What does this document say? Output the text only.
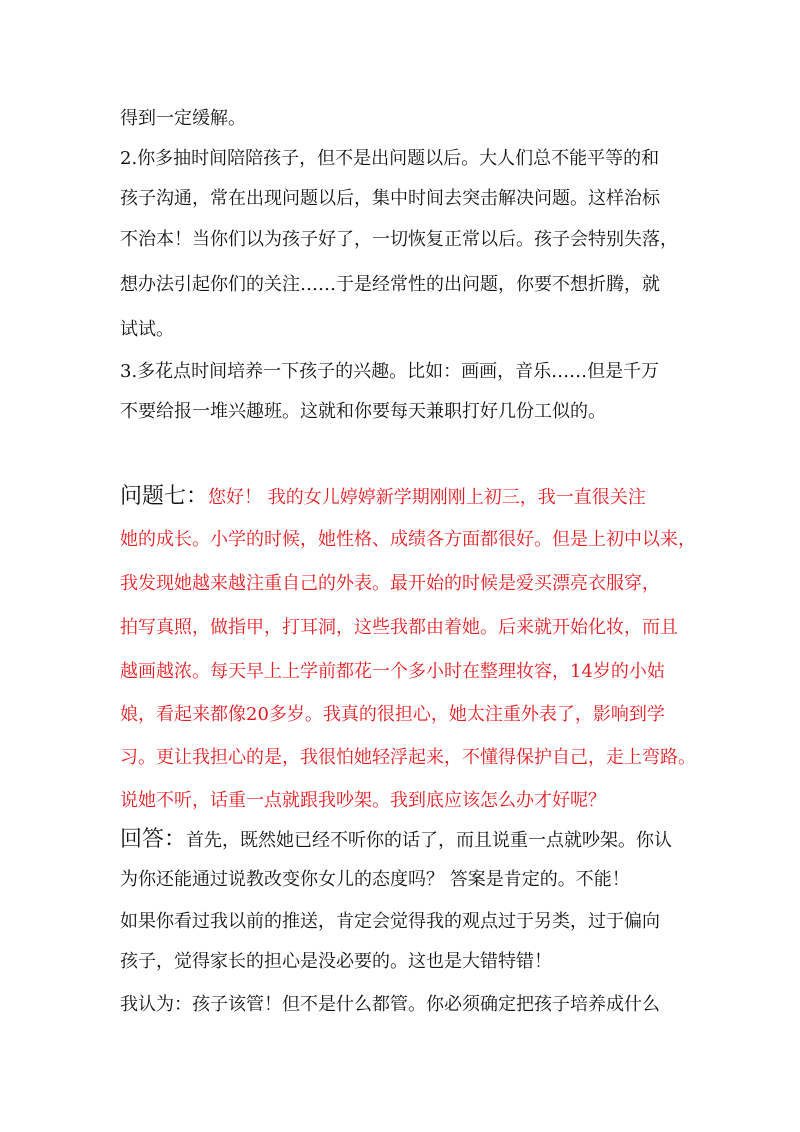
得到一定缓解。
2.你多抽时间陪陪孩子，但不是出问题以后。大人们总不能平等的和
孩子沟通，常在出现问题以后，集中时间去突击解决问题。这样治标
不治本！当你们以为孩子好了，一切恢复正常以后。孩子会特别失落，
想办法引起你们的关注……于是经常性的出问题，你要不想折腾，就
试试。
3.多花点时间培养一下孩子的兴趣。比如：画画，音乐……但是千万
不要给报一堆兴趣班。这就和你要每天兼职打好几份工似的。
问题七：您好！ 我的女儿婷婷新学期刚刚上初三，我一直很关注
她的成长。小学的时候，她性格、成绩各方面都很好。但是上初中以来，
我发现她越来越注重自己的外表。最开始的时候是爱买漂亮衣服穿，
拍写真照，做指甲，打耳洞，这些我都由着她。后来就开始化妆，而且
越画越浓。每天早上上学前都花一个多小时在整理妆容，14岁的小姑
娘，看起来都像20多岁。我真的很担心，她太注重外表了，影响到学
习。更让我担心的是，我很怕她轻浮起来，不懂得保护自己，走上弯路。
说她不听，话重一点就跟我吵架。我到底应该怎么办才好呢？
回答：首先，既然她已经不听你的话了，而且说重一点就吵架。你认
为你还能通过说教改变你女儿的态度吗？ 答案是肯定的。不能！
如果你看过我以前的推送，肯定会觉得我的观点过于另类，过于偏向
孩子，觉得家长的担心是没必要的。这也是大错特错！
我认为：孩子该管！但不是什么都管。你必须确定把孩子培养成什么
